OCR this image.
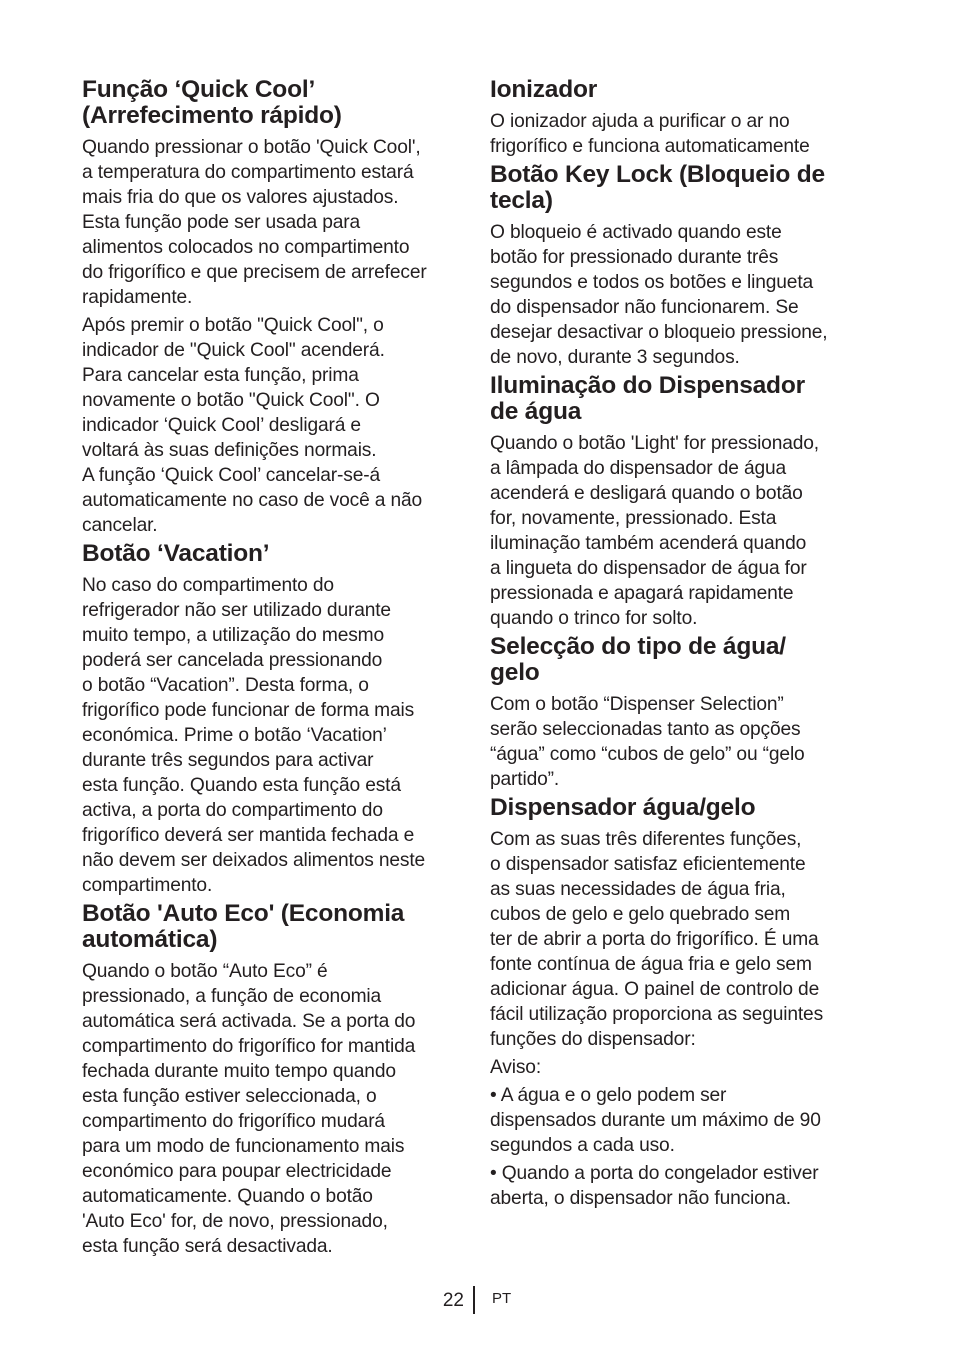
Função ‘Quick Cool’
(Arrefecimento rápido)

Quando pressionar o botão 'Quick Cool',
a temperatura do compartimento estará
mais fria do que os valores ajustados.
Esta função pode ser usada para
alimentos colocados no compartimento
do frigorífico e que precisem de arrefecer
rapidamente.

Após premir o botão "Quick Cool", o
indicador de "Quick Cool" acenderá.
Para cancelar esta função, prima
novamente o botão "Quick Cool". O
indicador ‘Quick Cool’ desligará e
voltará às suas definições normais.
A função ‘Quick Cool’ cancelar-se-á
automaticamente no caso de você a não
cancelar.

Botão ‘Vacation’

No caso do compartimento do
refrigerador não ser utilizado durante
muito tempo, a utilização do mesmo
poderá ser cancelada pressionando
o botão “Vacation”. Desta forma, o
frigorífico pode funcionar de forma mais
económica. Prime o botão ‘Vacation’
durante três segundos para activar
esta função. Quando esta função está
activa, a porta do compartimento do
frigorífico deverá ser mantida fechada e
não devem ser deixados alimentos neste
compartimento.

Botão 'Auto Eco' (Economia
automática)

Quando o botão “Auto Eco” é
pressionado, a função de economia
automática será activada. Se a porta do
compartimento do frigorífico for mantida
fechada durante muito tempo quando
esta função estiver seleccionada, o
compartimento do frigorífico mudará
para um modo de funcionamento mais
económico para poupar electricidade
automaticamente. Quando o botão
'Auto Eco' for, de novo, pressionado,
esta função será desactivada.

Ionizador

O ionizador ajuda a purificar o ar no
frigorífico e funciona automaticamente

Botão Key Lock (Bloqueio de
tecla)

O bloqueio é activado quando este
botão for pressionado durante três
segundos e todos os botões e lingueta
do dispensador não funcionarem. Se
desejar desactivar o bloqueio pressione,
de novo, durante 3 segundos.

Iluminação do Dispensador
de água

Quando o botão 'Light' for pressionado,
a lâmpada do dispensador de água
acenderá e desligará quando o botão
for, novamente, pressionado. Esta
iluminação também acenderá quando
a lingueta do dispensador de água for
pressionada e apagará rapidamente
quando o trinco for solto.

Selecção do tipo de água/
gelo

Com o botão “Dispenser Selection”
serão seleccionadas tanto as opções
“água” como “cubos de gelo” ou “gelo
partido”.

Dispensador água/gelo

Com as suas três diferentes funções,
o dispensador satisfaz eficientemente
as suas necessidades de água fria,
cubos de gelo e gelo quebrado sem
ter de abrir a porta do frigorífico. É uma
fonte contínua de água fria e gelo sem
adicionar água. O painel de controlo de
fácil utilização proporciona as seguintes
funções do dispensador:

Aviso:

• A água e o gelo podem ser
dispensados durante um máximo de 90
segundos a cada uso.

• Quando a porta do congelador estiver
aberta, o dispensador não funciona.

22 PT
